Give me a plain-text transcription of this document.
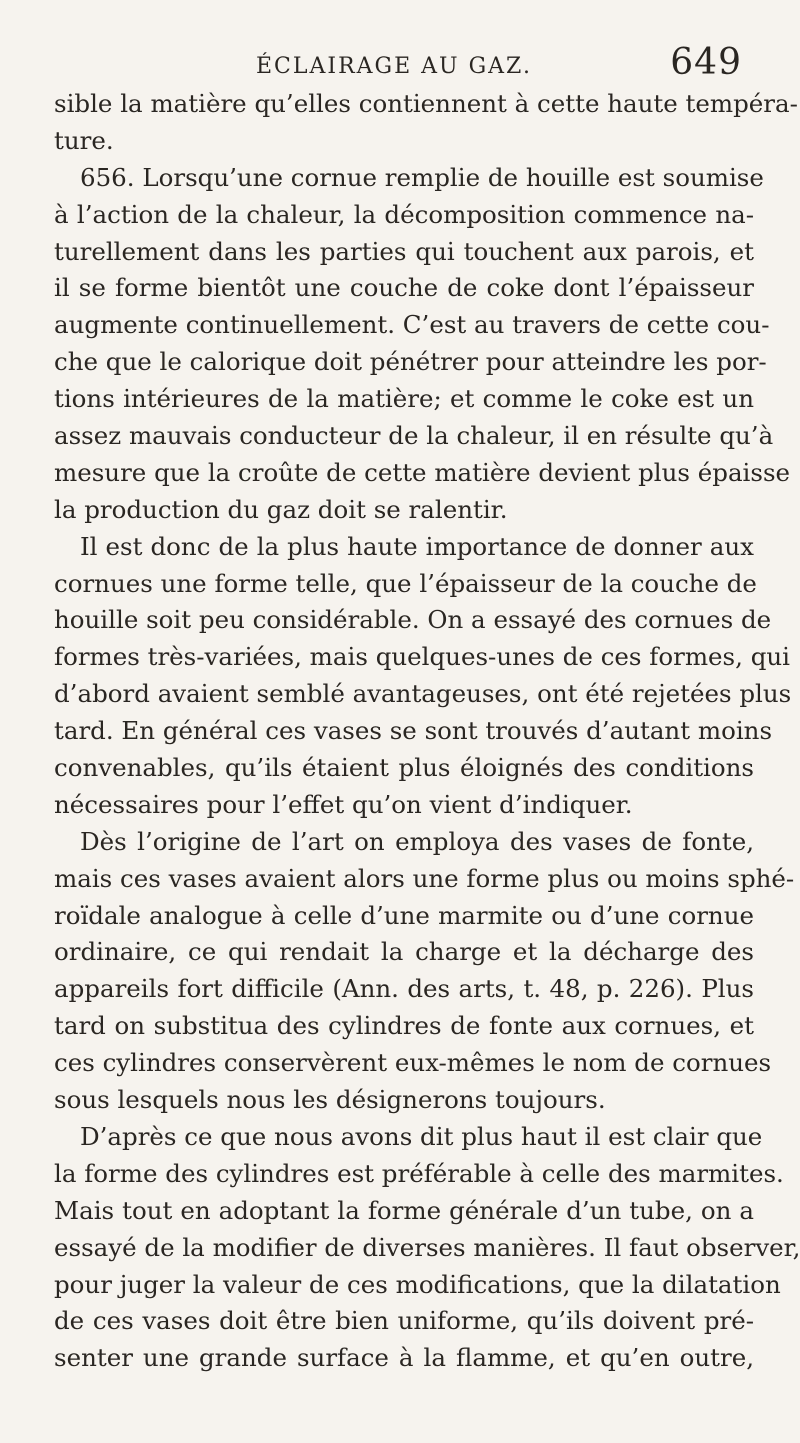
ÉCLAIRAGE AU GAZ.	649
sible la matière qu’elles contiennent à cette haute tempéra-
ture.
656. Lorsqu’une cornue remplie de houille est soumise
à l’action de la chaleur, la décomposition commence na-
turellement dans les parties qui touchent aux parois, et
il se forme bientôt une couche de coke dont l’épaisseur
augmente continuellement. C’est au travers de cette cou-
che que le calorique doit pénétrer pour atteindre les por-
tions intérieures de la matière; et comme le coke est un
assez mauvais conducteur de la chaleur, il en résulte qu’à
mesure que la croûte de cette matière devient plus épaisse
la production du gaz doit se ralentir.
Il est donc de la plus haute importance de donner aux
cornues une forme telle, que l’épaisseur de la couche de
houille soit peu considérable. On a essayé des cornues de
formes très-variées, mais quelques-unes de ces formes, qui
d’abord avaient semblé avantageuses, ont été rejetées plus
tard. En général ces vases se sont trouvés d’autant moins
convenables, qu’ils étaient plus éloignés des conditions
nécessaires pour l’effet qu’on vient d’indiquer.
Dès l’origine de l’art on employa des vases de fonte,
mais ces vases avaient alors une forme plus ou moins sphé-
roïdale analogue à celle d’une marmite ou d’une cornue
ordinaire, ce qui rendait la charge et la décharge des
appareils fort difficile (Ann. des arts, t. 48, p. 226). Plus
tard on substitua des cylindres de fonte aux cornues, et
ces cylindres conservèrent eux-mêmes le nom de cornues
sous lesquels nous les désignerons toujours.
D’après ce que nous avons dit plus haut il est clair que
la forme des cylindres est préférable à celle des marmites.
Mais tout en adoptant la forme générale d’un tube, on a
essayé de la modifier de diverses manières. Il faut observer,
pour juger la valeur de ces modifications, que la dilatation
de ces vases doit être bien uniforme, qu’ils doivent pré-
senter une grande surface à la flamme, et qu’en outre,
